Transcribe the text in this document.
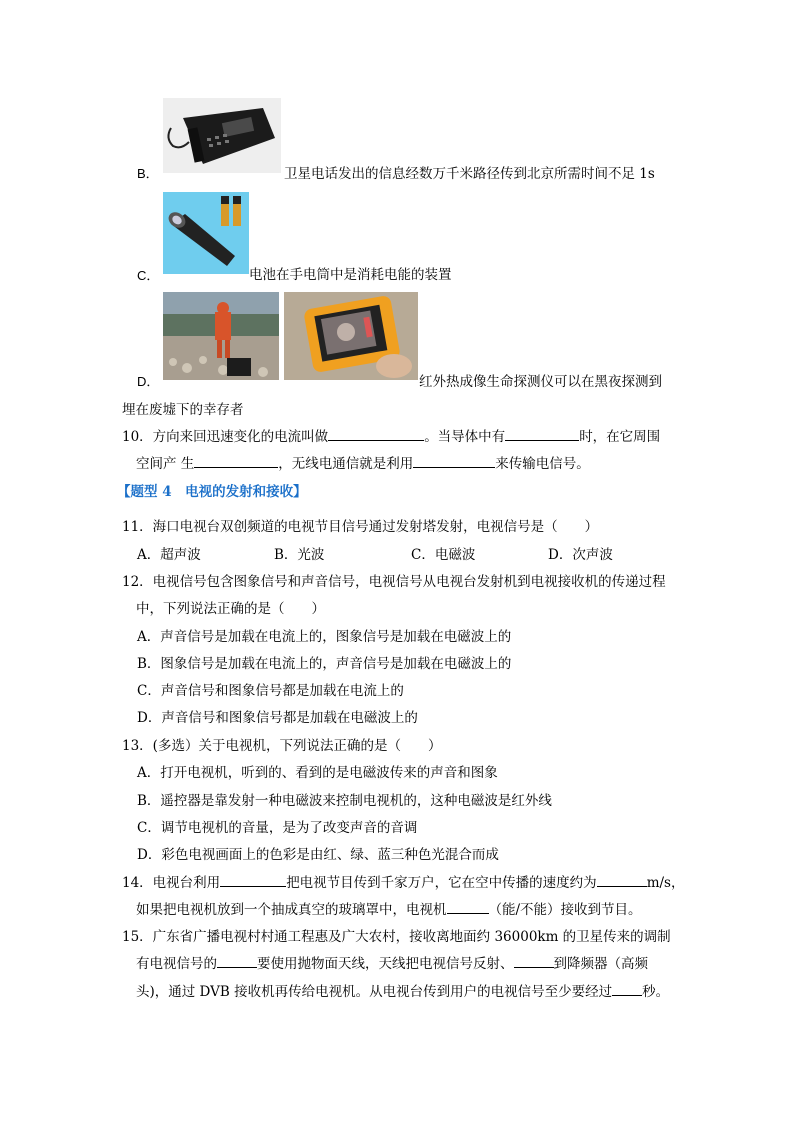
B．	卫星电话发出的信息经数万千米路径传到北京所需时间不足 1s
C．	电池在手电筒中是消耗电能的装置
D．	红外热成像生命探测仪可以在黑夜探测到
埋在废墟下的幸存者
10．方向来回迅速变化的电流叫做	。当导体中有	时，在它周围
空间产 生	，无线电通信就是利用	来传输电信号。
【题型 4　电视的发射和接收】
11．海口电视台双创频道的电视节目信号通过发射塔发射，电视信号是（　　）
A．超声波	B．光波	C．电磁波	D．次声波
12．电视信号包含图象信号和声音信号，电视信号从电视台发射机到电视接收机的传递过程
中，下列说法正确的是（　　）
A．声音信号是加载在电流上的，图象信号是加载在电磁波上的
B．图象信号是加载在电流上的，声音信号是加载在电磁波上的
C．声音信号和图象信号都是加载在电流上的
D．声音信号和图象信号都是加载在电磁波上的
13．(多选）关于电视机，下列说法正确的是（　　）
A．打开电视机，听到的、看到的是电磁波传来的声音和图象
B．遥控器是靠发射一种电磁波来控制电视机的，这种电磁波是红外线
C．调节电视机的音量，是为了改变声音的音调
D．彩色电视画面上的色彩是由红、绿、蓝三种色光混合而成
14．电视台利用	把电视节目传到千家万户，它在空中传播的速度约为	m/s，
如果把电视机放到一个抽成真空的玻璃罩中，电视机	（能/不能）接收到节目。
15．广东省广播电视村村通工程惠及广大农村，接收离地面约 36000km 的卫星传来的调制
有电视信号的	要使用抛物面天线，天线把电视信号反射、	到降频器（高频
头)，通过 DVB 接收机再传给电视机。从电视台传到用户的电视信号至少要经过 秒。
